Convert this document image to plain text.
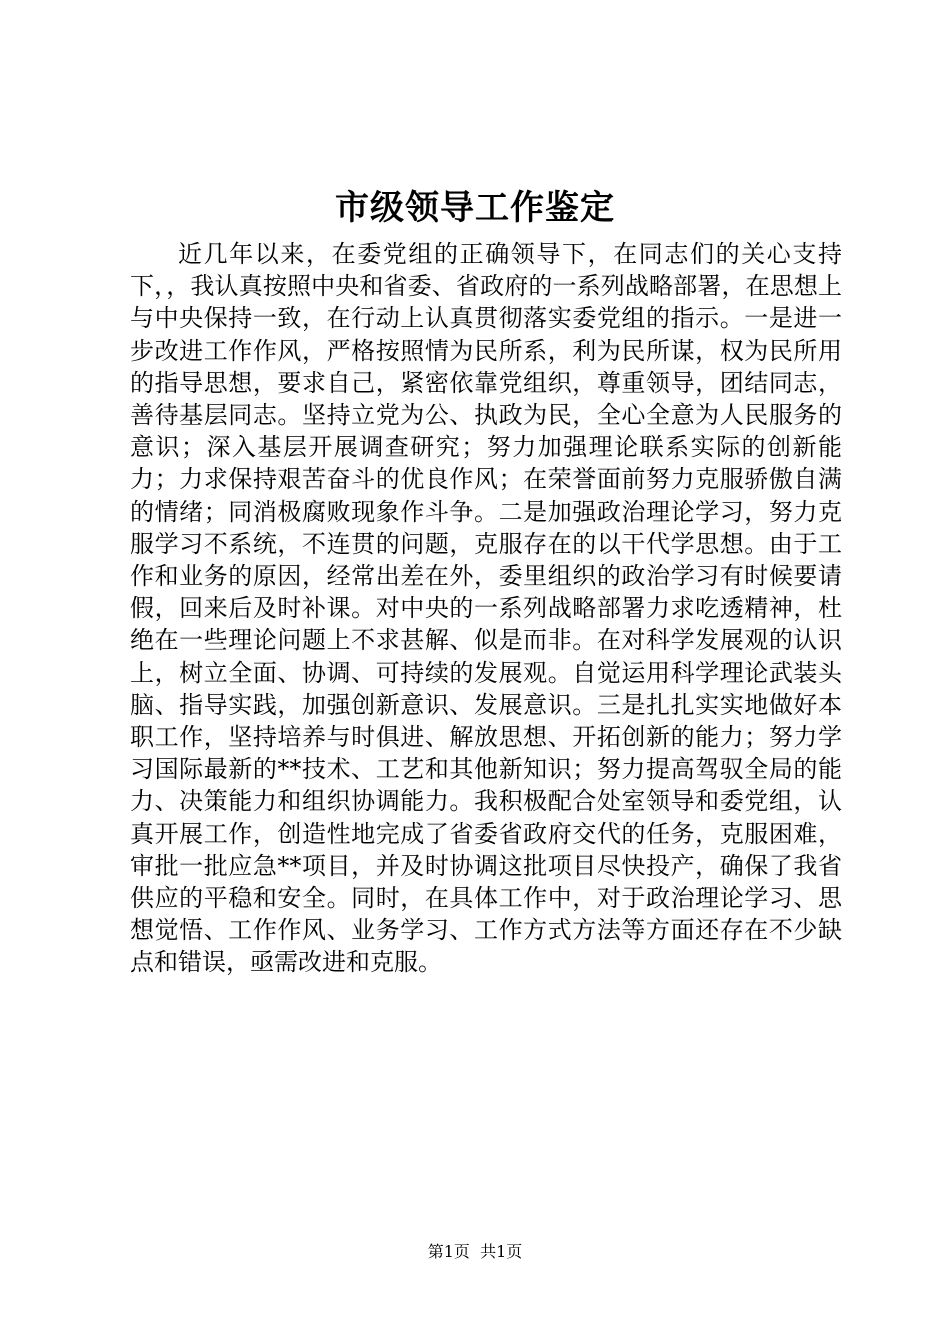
市级领导工作鉴定

近几年以来，在委党组的正确领导下，在同志们的关心支持下，，我认真按照中央和省委、省政府的一系列战略部署，在思想上与中央保持一致，在行动上认真贯彻落实委党组的指示。一是进一步改进工作作风，严格按照情为民所系，利为民所谋，权为民所用的指导思想，要求自己，紧密依靠党组织，尊重领导，团结同志，善待基层同志。坚持立党为公、执政为民，全心全意为人民服务的意识；深入基层开展调查研究；努力加强理论联系实际的创新能力；力求保持艰苦奋斗的优良作风；在荣誉面前努力克服骄傲自满的情绪；同消极腐败现象作斗争。二是加强政治理论学习，努力克服学习不系统，不连贯的问题，克服存在的以干代学思想。由于工作和业务的原因，经常出差在外，委里组织的政治学习有时候要请假，回来后及时补课。对中央的一系列战略部署力求吃透精神，杜绝在一些理论问题上不求甚解、似是而非。在对科学发展观的认识上，树立全面、协调、可持续的发展观。自觉运用科学理论武装头脑、指导实践，加强创新意识、发展意识。三是扎扎实实地做好本职工作，坚持培养与时俱进、解放思想、开拓创新的能力；努力学习国际最新的**技术、工艺和其他新知识；努力提高驾驭全局的能力、决策能力和组织协调能力。我积极配合处室领导和委党组，认真开展工作，创造性地完成了省委省政府交代的任务，克服困难，审批一批应急**项目，并及时协调这批项目尽快投产，确保了我省供应的平稳和安全。同时，在具体工作中，对于政治理论学习、思想觉悟、工作作风、业务学习、工作方式方法等方面还存在不少缺点和错误，亟需改进和克服。

第1页  共1页
